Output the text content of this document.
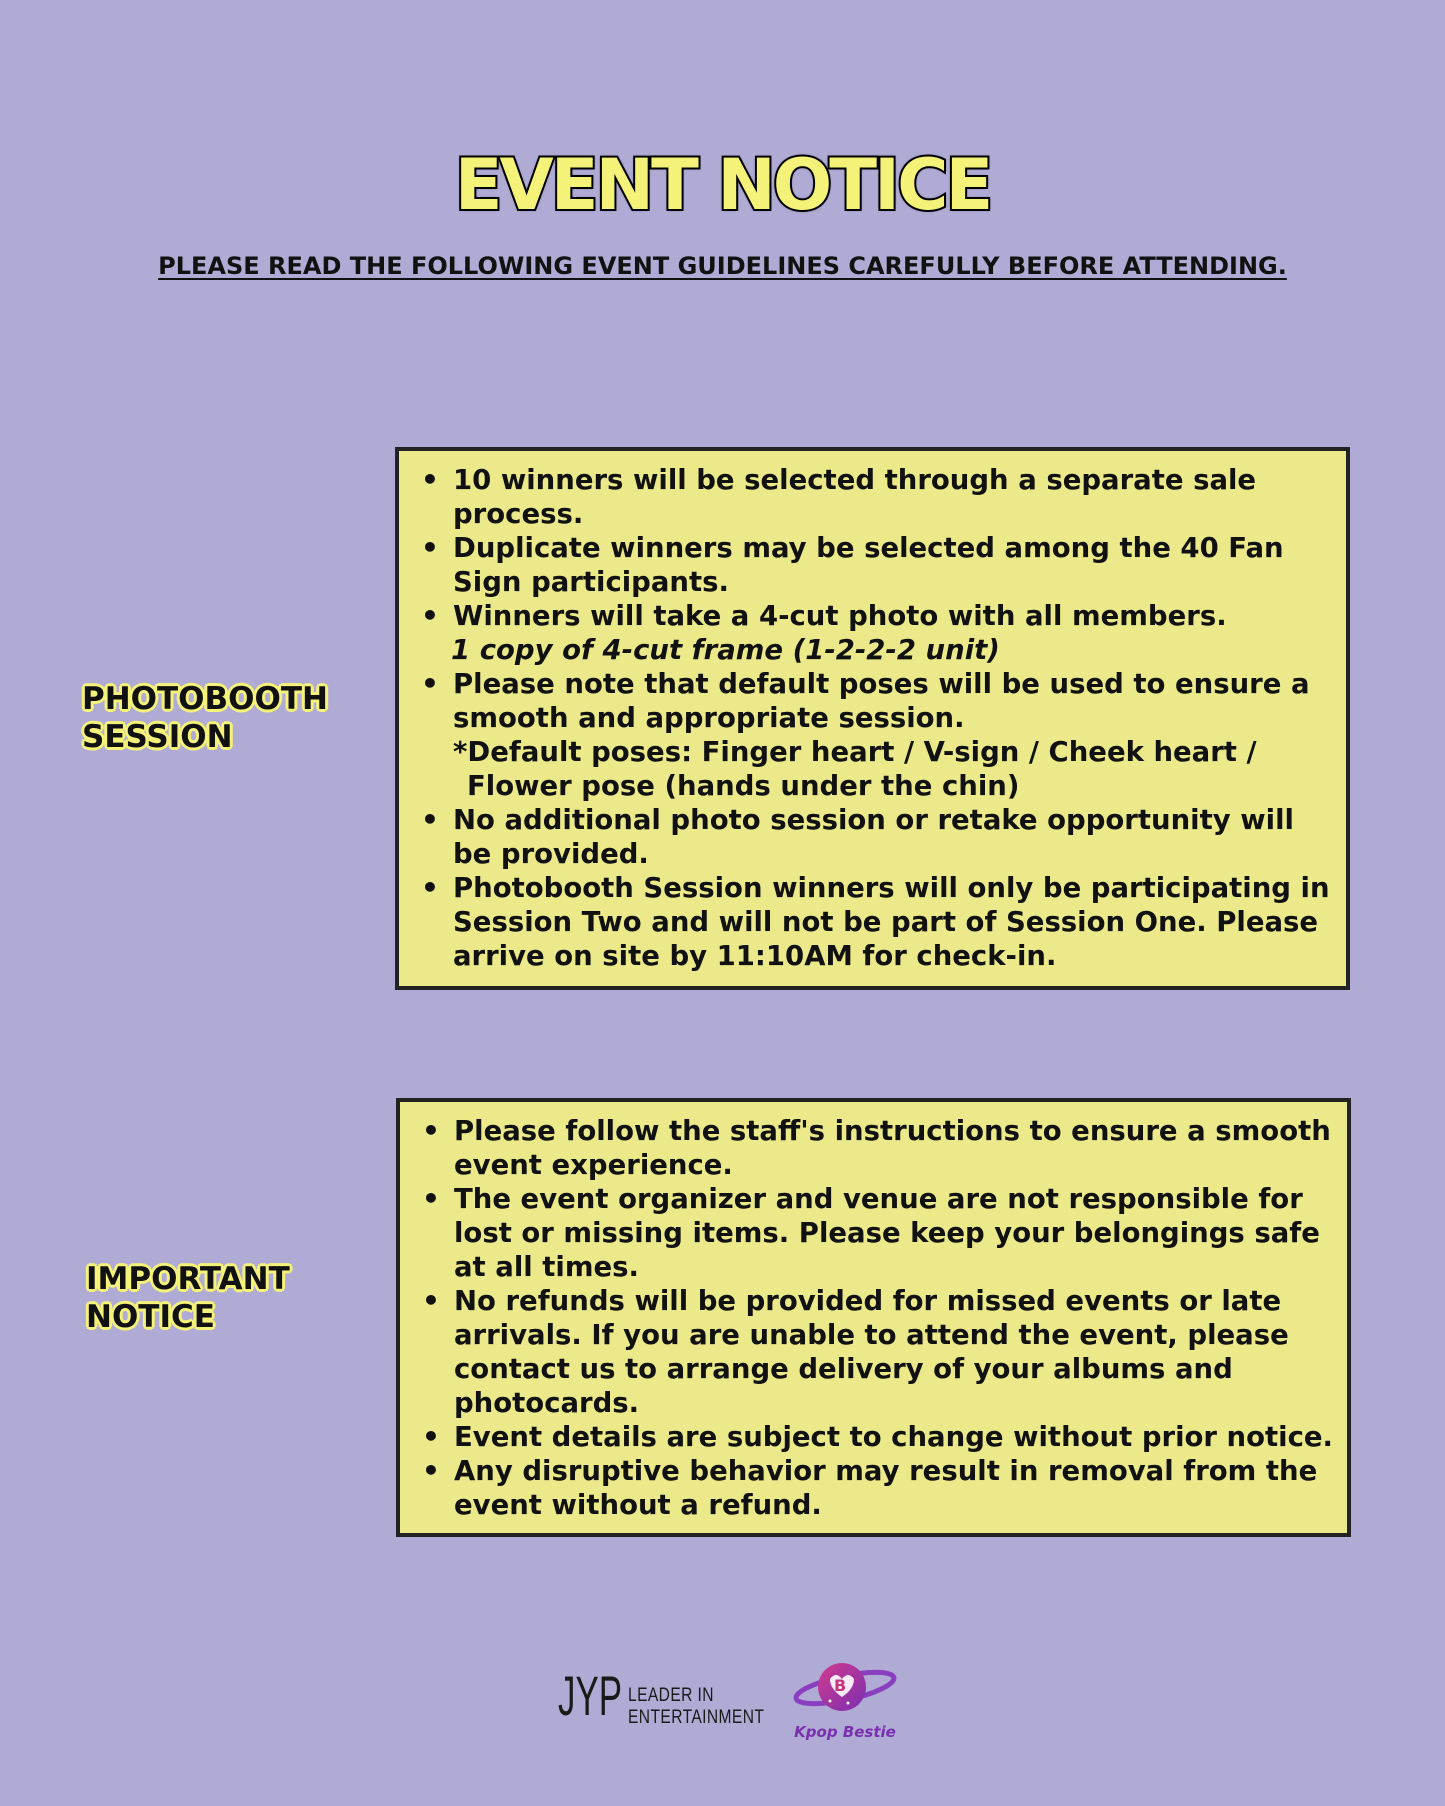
EVENT NOTICE
PLEASE READ THE FOLLOWING EVENT GUIDELINES CAREFULLY BEFORE ATTENDING.
PHOTOBOOTH
SESSION
• 10 winners will be selected through a separate sale process.
• Duplicate winners may be selected among the 40 Fan Sign participants.
• Winners will take a 4-cut photo with all members.
1 copy of 4-cut frame (1-2-2-2 unit)
• Please note that default poses will be used to ensure a smooth and appropriate session.
*Default poses: Finger heart / V-sign / Cheek heart /
Flower pose (hands under the chin)
• No additional photo session or retake opportunity will be provided.
• Photobooth Session winners will only be participating in Session Two and will not be part of Session One. Please arrive on site by 11:10AM for check-in.
IMPORTANT
NOTICE
• Please follow the staff's instructions to ensure a smooth event experience.
• The event organizer and venue are not responsible for lost or missing items. Please keep your belongings safe at all times.
• No refunds will be provided for missed events or late arrivals. If you are unable to attend the event, please contact us to arrange delivery of your albums and photocards.
• Event details are subject to change without prior notice.
• Any disruptive behavior may result in removal from the event without a refund.
JYP LEADER IN
ENTERTAINMENT
B
Kpop Bestie
